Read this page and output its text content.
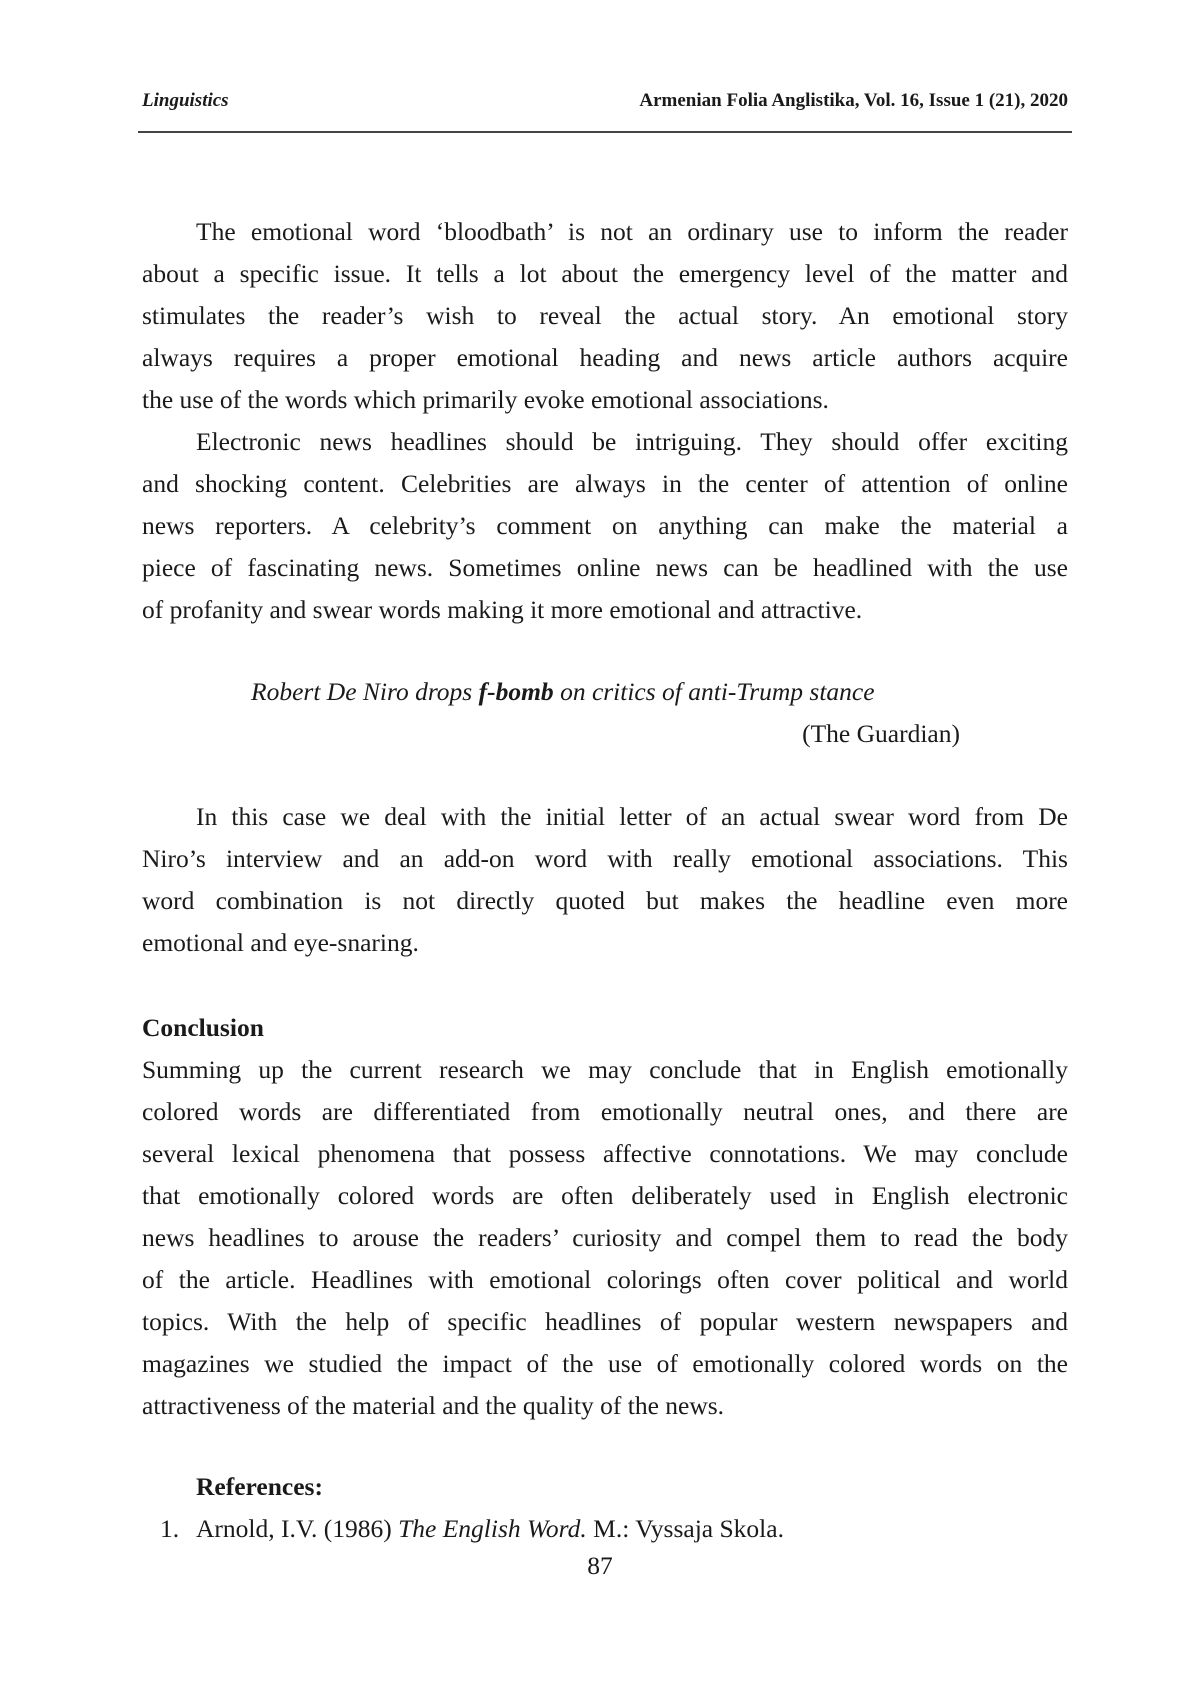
Linguistics	Armenian Folia Anglistika, Vol. 16, Issue 1 (21), 2020
The emotional word ‘bloodbath’ is not an ordinary use to inform the reader
about a specific issue. It tells a lot about the emergency level of the matter and
stimulates the reader’s wish to reveal the actual story. An emotional story
always requires a proper emotional heading and news article authors acquire
the use of the words which primarily evoke emotional associations.
Electronic news headlines should be intriguing. They should offer exciting
and shocking content. Celebrities are always in the center of attention of online
news reporters. A celebrity’s comment on anything can make the material a
piece of fascinating news. Sometimes online news can be headlined with the use
of profanity and swear words making it more emotional and attractive.
Robert De Niro drops f-bomb on critics of anti-Trump stance
(The Guardian)
In this case we deal with the initial letter of an actual swear word from De
Niro’s interview and an add-on word with really emotional associations. This
word combination is not directly quoted but makes the headline even more
emotional and eye-snaring.
Conclusion
Summing up the current research we may conclude that in English emotionally
colored words are differentiated from emotionally neutral ones, and there are
several lexical phenomena that possess affective connotations. We may conclude
that emotionally colored words are often deliberately used in English electronic
news headlines to arouse the readers’ curiosity and compel them to read the body
of the article. Headlines with emotional colorings often cover political and world
topics. With the help of specific headlines of popular western newspapers and
magazines we studied the impact of the use of emotionally colored words on the
attractiveness of the material and the quality of the news.
References:
1. Arnold, I.V. (1986) The English Word. M.: Vyssaja Skola.
87
